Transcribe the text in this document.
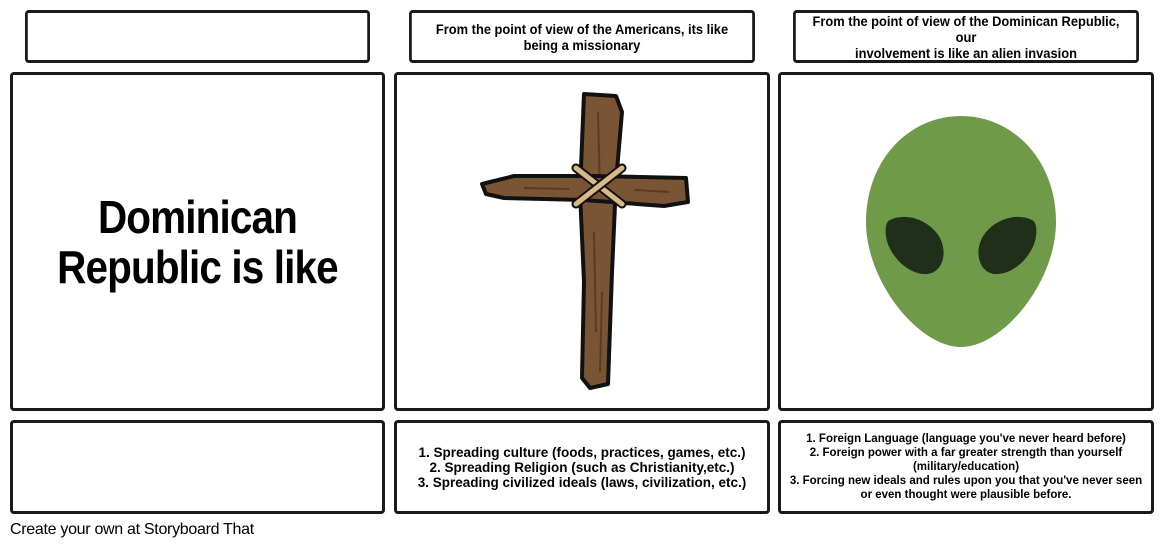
From the point of view of the Americans, its like
being a missionary
From the point of view of the Dominican Republic, our
involvement is like an alien invasion
Dominican
Republic is like
1. Spreading culture (foods, practices, games, etc.)
2. Spreading Religion (such as Christianity,etc.)
3. Spreading civilized ideals (laws, civilization, etc.)
1. Foreign Language (language you've never heard before)
2. Foreign power with a far greater strength than yourself
(military/education)
3. Forcing new ideals and rules upon you that you've never seen
or even thought were plausible before.
Create your own at Storyboard That
